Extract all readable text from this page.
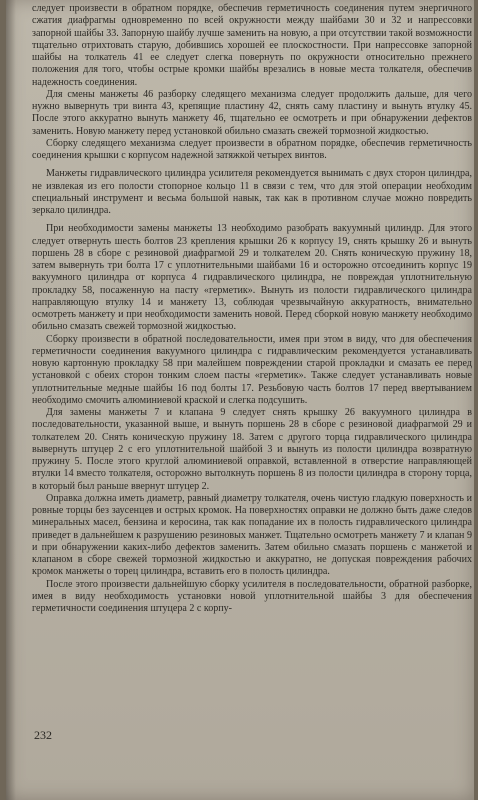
следует произвести в обратном порядке, обеспечив герметичность соединения путем энергичного сжатия диафрагмы одновременно по всей окружности между шайбами 30 и 32 и напрессовки запорной шайбы 33. Запорную шайбу лучше заменить на новую, а при отсутствии такой возможности тщательно отрихтовать старую, добившись хорошей ее плоскостности. При напрессовке запорной шайбы на толкатель 41 ее следует слегка повернуть по окружности относительно прежнего положения для того, чтобы острые кромки шайбы врезались в новые места толкателя, обеспечив надежность соединения.

Для смены манжеты 46 разборку следящего механизма следует продолжить дальше, для чего нужно вывернуть три винта 43, крепящие пластину 42, снять саму пластину и вынуть втулку 45. После этого аккуратно вынуть манжету 46, тщательно ее осмотреть и при обнаружении дефектов заменить. Новую манжету перед установкой обильно смазать свежей тормозной жидкостью.

Сборку следящего механизма следует произвести в обратном порядке, обеспечив герметичность соединения крышки с корпусом надежной затяжкой четырех винтов.

Манжеты гидравлического цилиндра усилителя рекомендуется вынимать с двух сторон цилиндра, не извлекая из его полости стопорное кольцо 11 в связи с тем, что для этой операции необходим специальный инструмент и весьма большой навык, так как в противном случае можно повредить зеркало цилиндра.

При необходимости замены манжеты 13 необходимо разобрать вакуумный цилиндр. Для этого следует отвернуть шесть болтов 23 крепления крышки 26 к корпусу 19, снять крышку 26 и вынуть поршень 28 в сборе с резиновой диафрагмой 29 и толкателем 20. Снять коническую пружину 18, затем вывернуть три болта 17 с уплотнительными шайбами 16 и осторожно отсоединить корпус 19 вакуумного цилиндра от корпуса 4 гидравлического цилиндра, не повреждая уплотнительную прокладку 58, посаженную на пасту «герметик». Вынуть из полости гидравлического цилиндра направляющую втулку 14 и манжету 13, соблюдая чрезвычайную аккуратность, внимательно осмотреть манжету и при необходимости заменить новой. Перед сборкой новую манжету необходимо обильно смазать свежей тормозной жидкостью.

Сборку произвести в обратной последовательности, имея при этом в виду, что для обеспечения герметичности соединения вакуумного цилиндра с гидравлическим рекомендуется устанавливать новую картонную прокладку 58 при малейшем повреждении старой прокладки и смазать ее перед установкой с обеих сторон тонким слоем пасты «герметик». Также следует устанавливать новые уплотнительные медные шайбы 16 под болты 17. Резьбовую часть болтов 17 перед ввертыванием необходимо смочить алюминиевой краской и слегка подсушить.

Для замены манжеты 7 и клапана 9 следует снять крышку 26 вакуумного цилиндра в последовательности, указанной выше, и вынуть поршень 28 в сборе с резиновой диафрагмой 29 и толкателем 20. Снять коническую пружину 18. Затем с другого торца гидравлического цилиндра вывернуть штуцер 2 с его уплотнительной шайбой 3 и вынуть из полости цилиндра возвратную пружину 5. После этого круглой алюминиевой оправкой, вставленной в отверстие направляющей втулки 14 вместо толкателя, осторожно вытолкнуть поршень 8 из полости цилиндра в сторону торца, в который был раньше ввернут штуцер 2.

Оправка должна иметь диаметр, равный диаметру толкателя, очень чистую гладкую поверхность и ровные торцы без заусенцев и острых кромок. На поверхностях оправки не должно быть даже следов минеральных масел, бензина и керосина, так как попадание их в полость гидравлического цилиндра приведет в дальнейшем к разрушению резиновых манжет. Тщательно осмотреть манжету 7 и клапан 9 и при обнаружении каких-либо дефектов заменить. Затем обильно смазать поршень с манжетой и клапаном в сборе свежей тормозной жидкостью и аккуратно, не допуская повреждения рабочих кромок манжеты о торец цилиндра, вставить его в полость цилиндра.

После этого произвести дальнейшую сборку усилителя в последовательности, обратной разборке, имея в виду необходимость установки новой уплотнительной шайбы 3 для обеспечения герметичности соединения штуцера 2 с корпу-

232
